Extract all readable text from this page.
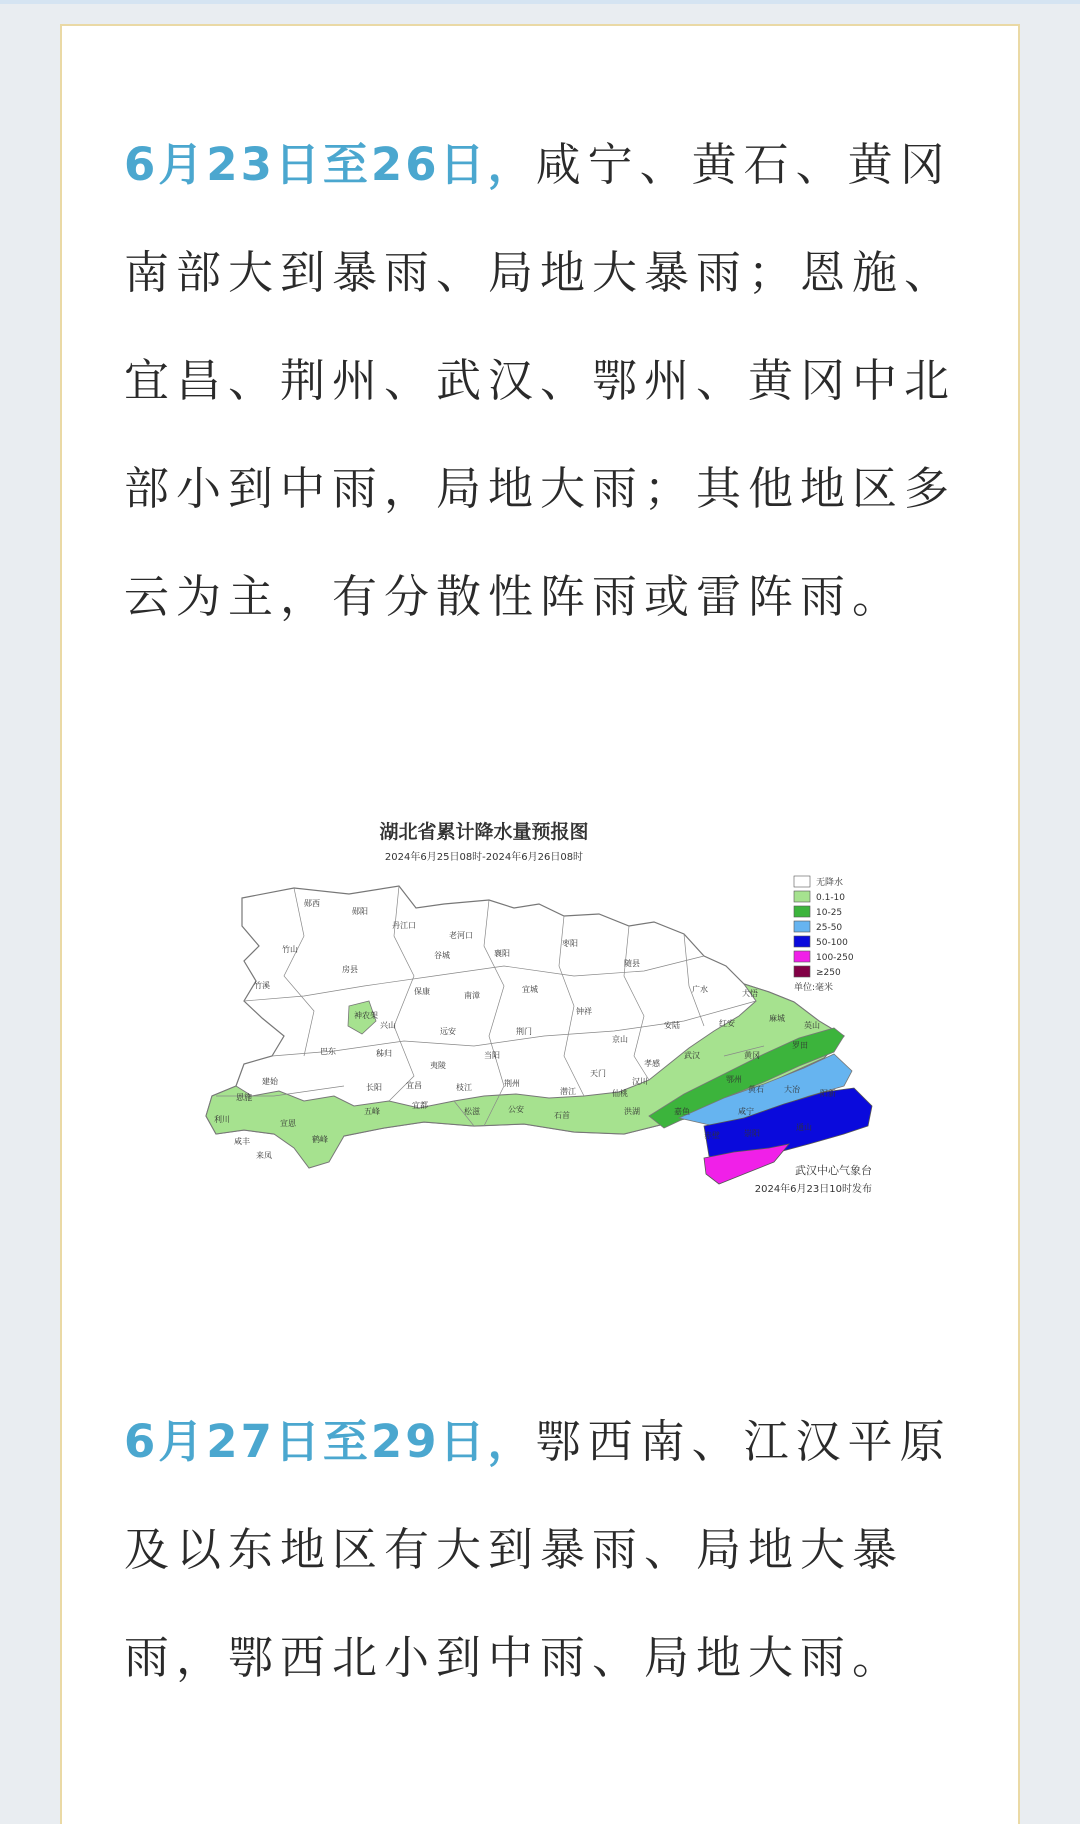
6月23日至26日，咸宁、黄石、黄冈南部大到暴雨、局地大暴雨；恩施、宜昌、荆州、武汉、鄂州、黄冈中北部小到中雨，局地大雨；其他地区多云为主，有分散性阵雨或雷阵雨。

湖北省累计降水量预报图
2024年6月25日08时-2024年6月26日08时
郧西
郧阳
竹山
竹溪
房县
丹江口
老河口
谷城	襄阳
枣阳
随县
广水	大悟
保康	南漳
宜城
钟祥
京山
安陆
孝感
红安
麻城
神农架
兴山
远安	荆门
天门
汉川
武汉	黄冈
罗田
巴东	秭归
夷陵
当阳
潜江	仙桃
鄂州
黄石
英山
建始
恩施
长阳	宜昌	枝江	荆州
洪湖	嘉鱼	咸宁
大冶	阳新
利川
五峰
宜都
松滋	公安
石首
赤壁	崇阳
通山
咸丰	鹤峰
来凤
宣恩
无降水
0.1-10
10-25
25-50
50-100
100-250
≥250
单位:毫米
武汉中心气象台
2024年6月23日10时发布

6月27日至29日，鄂西南、江汉平原及以东地区有大到暴雨、局地大暴雨，鄂西北小到中雨、局地大雨。
